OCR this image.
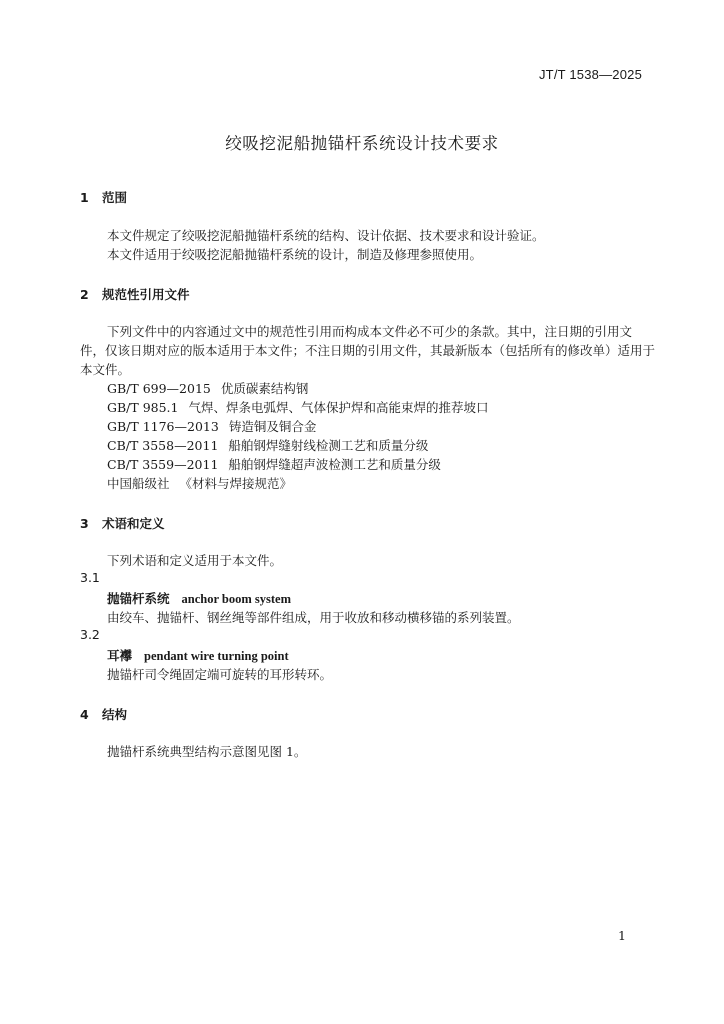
JT/T 1538—2025
绞吸挖泥船抛锚杆系统设计技术要求
1 范围
本文件规定了绞吸挖泥船抛锚杆系统的结构、设计依据、技术要求和设计验证。
本文件适用于绞吸挖泥船抛锚杆系统的设计，制造及修理参照使用。
2 规范性引用文件
下列文件中的内容通过文中的规范性引用而构成本文件必不可少的条款。其中，注日期的引用文
件，仅该日期对应的版本适用于本文件；不注日期的引用文件，其最新版本（包括所有的修改单）适用于
本文件。
GB/T 699—2015 优质碳素结构钢
GB/T 985.1 气焊、焊条电弧焊、气体保护焊和高能束焊的推荐坡口
GB/T 1176—2013 铸造铜及铜合金
CB/T 3558—2011 船舶钢焊缝射线检测工艺和质量分级
CB/T 3559—2011 船舶钢焊缝超声波检测工艺和质量分级
中国船级社 《材料与焊接规范》
3 术语和定义
下列术语和定义适用于本文件。
3.1
抛锚杆系统 anchor boom system
由绞车、抛锚杆、钢丝绳等部件组成，用于收放和移动横移锚的系列装置。
3.2
耳襻 pendant wire turning point
抛锚杆司令绳固定端可旋转的耳形转环。
4 结构
抛锚杆系统典型结构示意图见图 1。
1
